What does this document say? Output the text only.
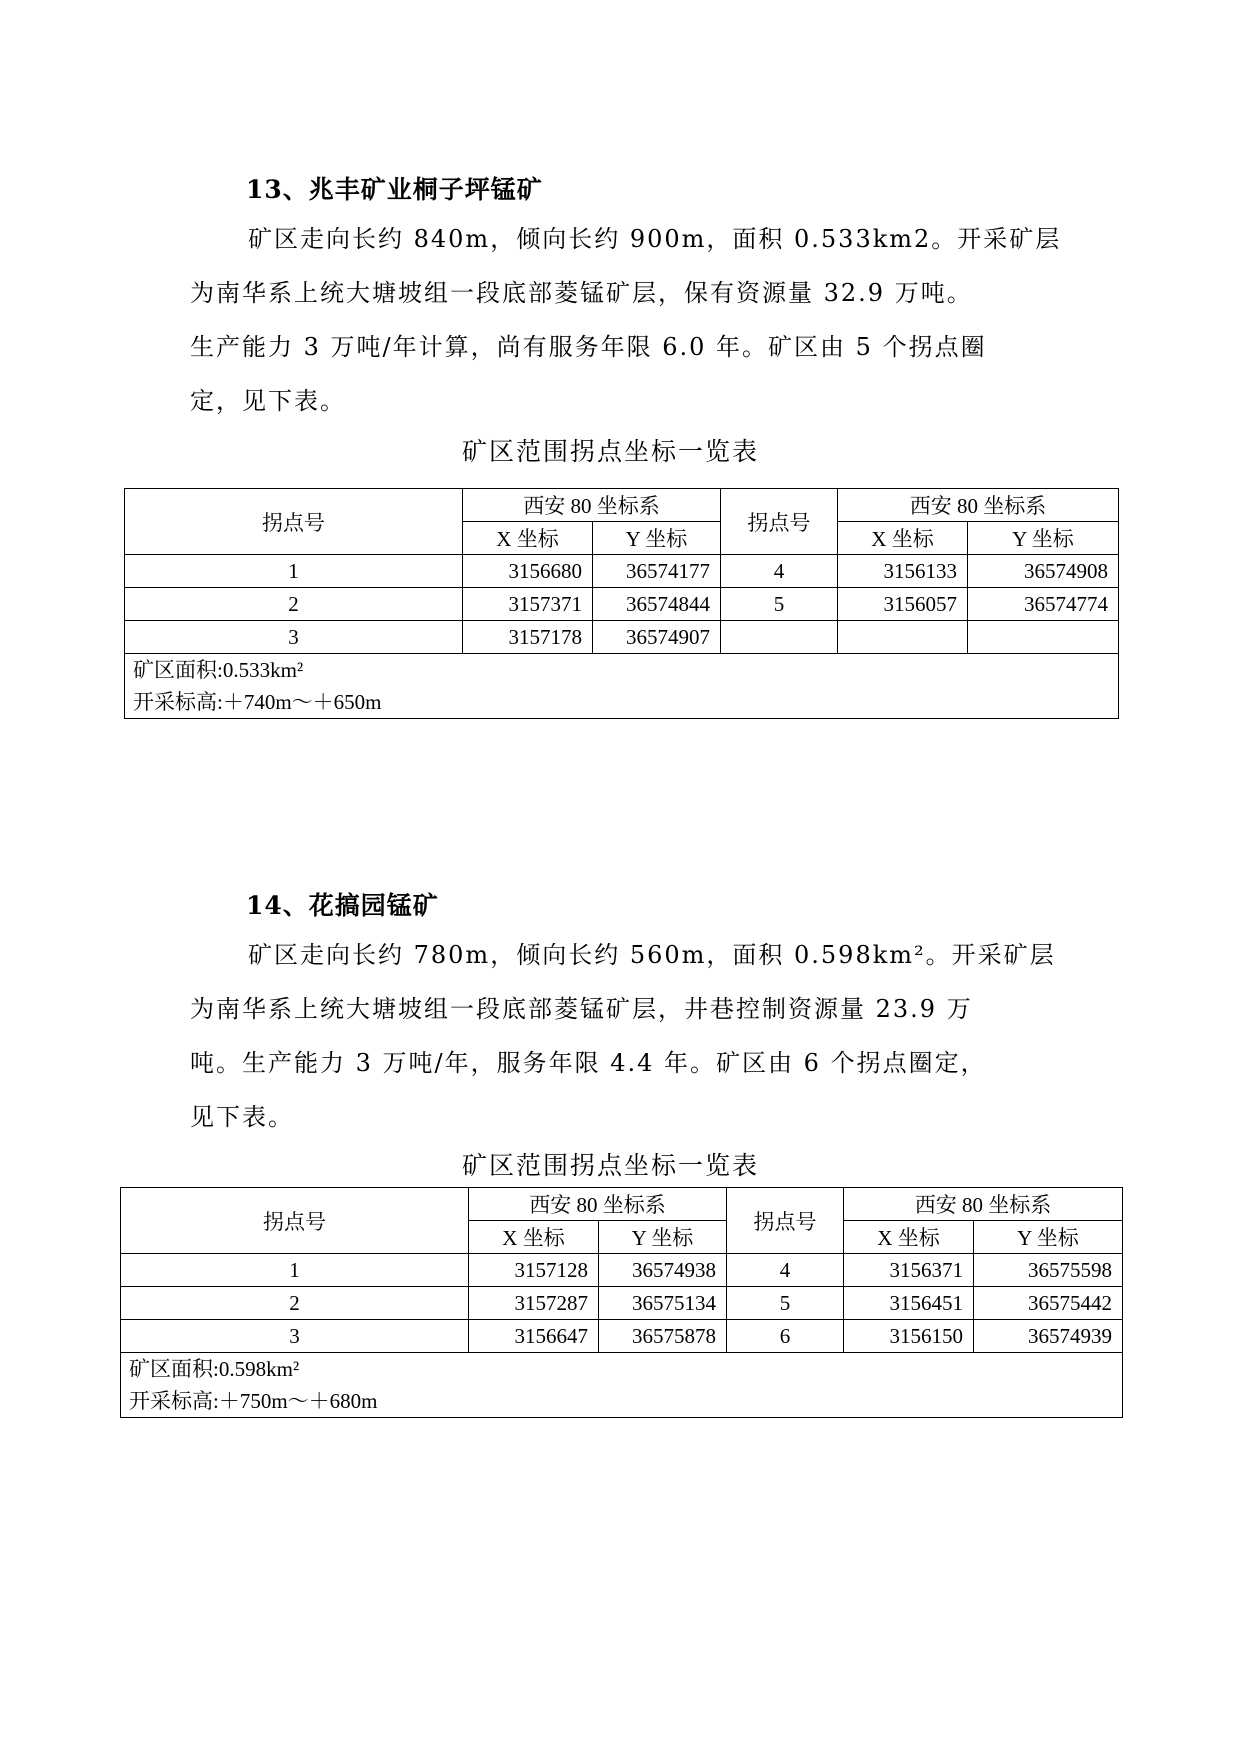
13、兆丰矿业桐子坪锰矿

矿区走向长约 840m，倾向长约 900m，面积 0.533km2。开采矿层

为南华系上统大塘坡组一段底部菱锰矿层，保有资源量 32.9 万吨。

生产能力 3 万吨/年计算，尚有服务年限 6.0 年。矿区由 5 个拐点圈

定，见下表。

矿区范围拐点坐标一览表
拐点号	西安 80 坐标系		拐点号	西安 80 坐标系	
	X 坐标	Y 坐标		X 坐标	Y 坐标
1	3156680	36574177	4	3156133	36574908
2	3157371	36574844	5	3156057	36574774
3	3157178	36574907			

矿区面积:0.533km²
开采标高:＋740m～＋650m					
14、花搞园锰矿

矿区走向长约 780m，倾向长约 560m，面积 0.598km²。开采矿层

为南华系上统大塘坡组一段底部菱锰矿层，井巷控制资源量 23.9 万

吨。生产能力 3 万吨/年，服务年限 4.4 年。矿区由 6 个拐点圈定，

见下表。

矿区范围拐点坐标一览表
拐点号	西安 80 坐标系		拐点号	西安 80 坐标系	
	X 坐标	Y 坐标		X 坐标	Y 坐标
1	3157128	36574938	4	3156371	36575598
2	3157287	36575134	5	3156451	36575442
3	3156647	36575878	6	3156150	36574939

矿区面积:0.598km²
开采标高:＋750m～＋680m					
